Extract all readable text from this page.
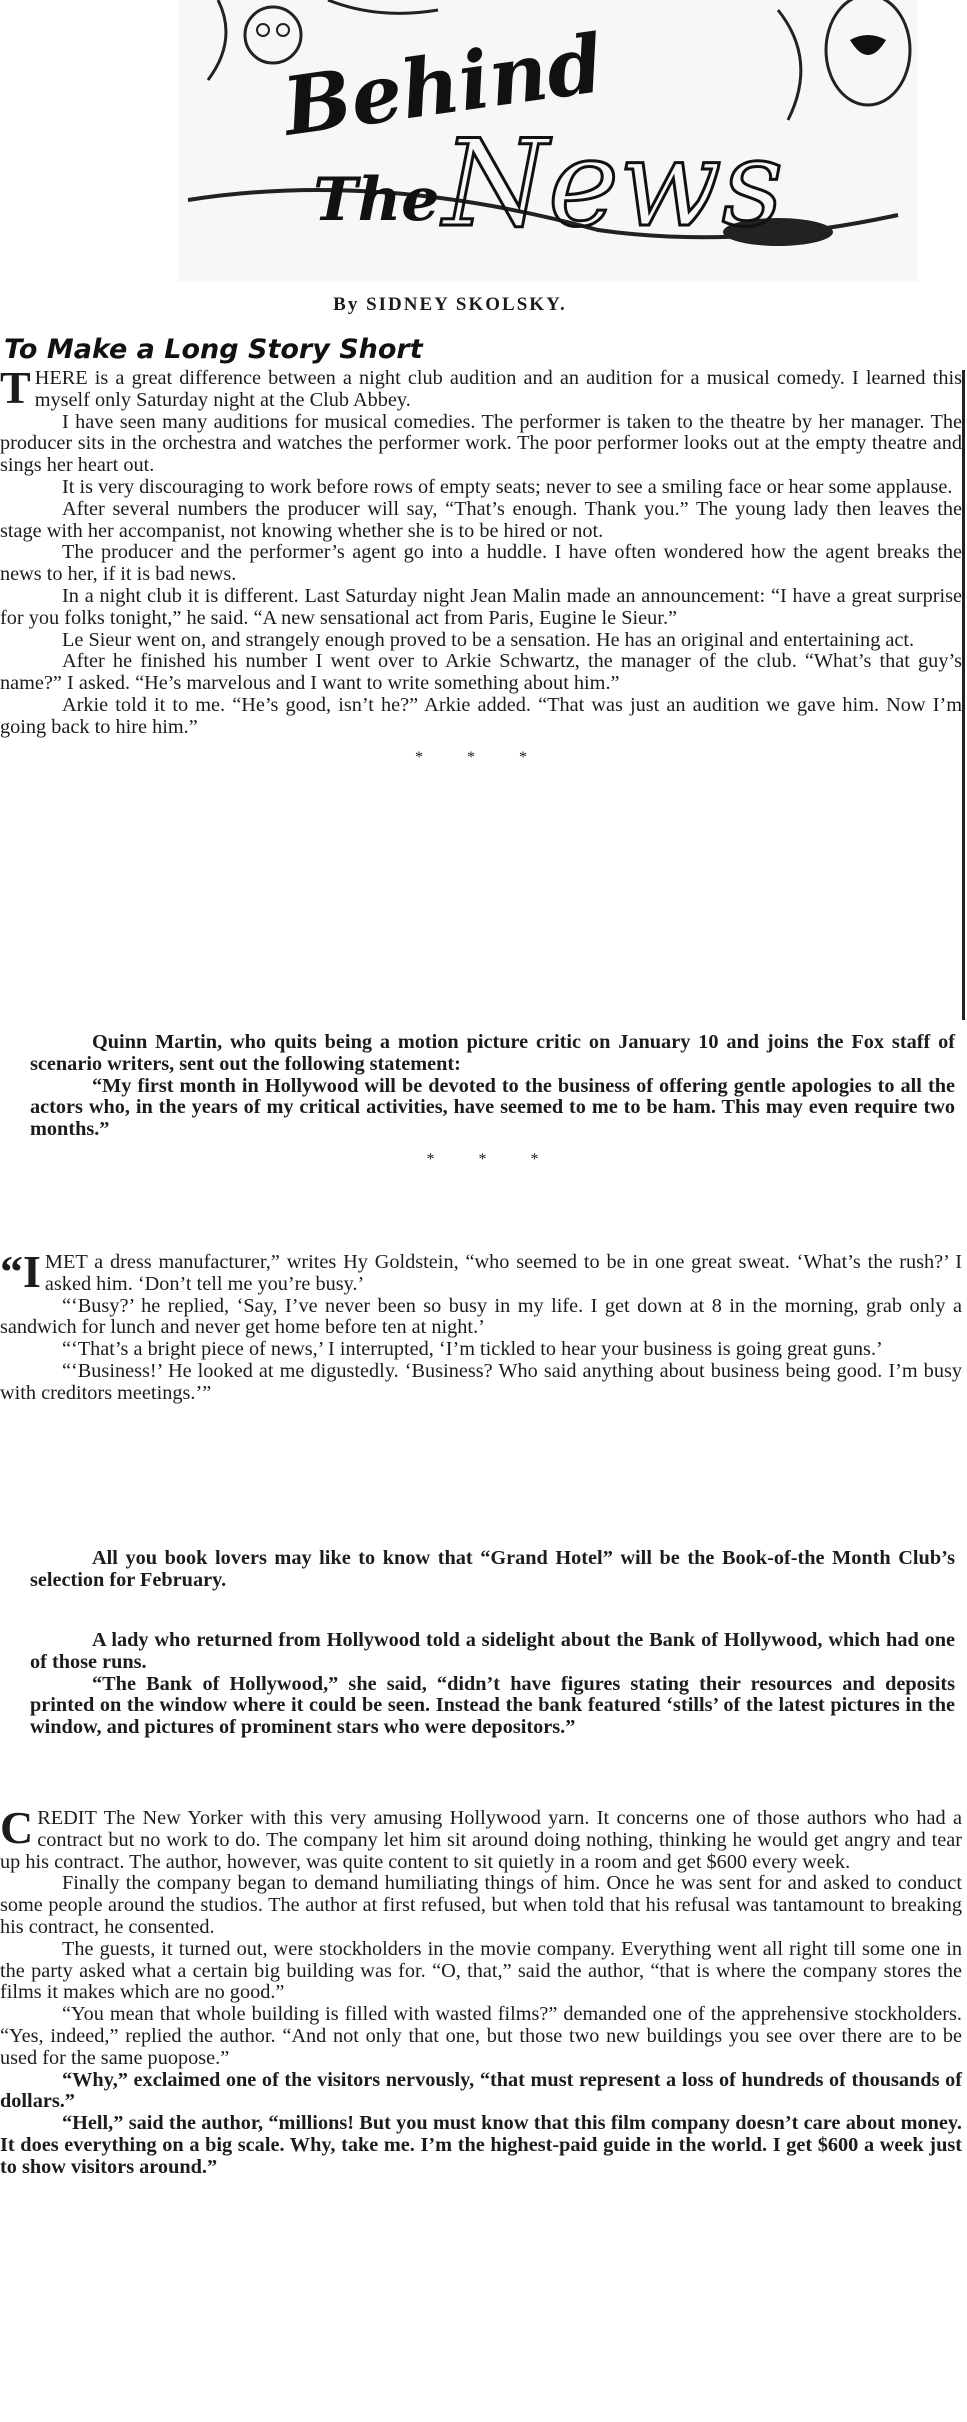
Behind
The News
By SIDNEY SKOLSKY.
To Make a Long Story Short

THERE is a great difference between a night club audition and an audition for a musical comedy. I learned this myself only Saturday night at the Club Abbey.

I have seen many auditions for musical comedies. The performer is taken to the theatre by her manager. The producer sits in the orchestra and watches the performer work. The poor performer looks out at the empty theatre and sings her heart out.

It is very discouraging to work before rows of empty seats; never to see a smiling face or hear some applause.

After several numbers the producer will say, “That’s enough. Thank you.” The young lady then leaves the stage with her accompanist, not knowing whether she is to be hired or not.

The producer and the performer’s agent go into a huddle. I have often wondered how the agent breaks the news to her, if it is bad news.

In a night club it is different. Last Saturday night Jean Malin made an announcement: “I have a great surprise for you folks tonight,” he said. “A new sensational act from Paris, Eugine le Sieur.”

Le Sieur went on, and strangely enough proved to be a sensation. He has an original and entertaining act.

After he finished his number I went over to Arkie Schwartz, the manager of the club. “What’s that guy’s name?” I asked. “He’s marvelous and I want to write something about him.”

Arkie told it to me. “He’s good, isn’t he?” Arkie added. “That was just an audition we gave him. Now I’m going back to hire him.”

* * *

Quinn Martin, who quits being a motion picture critic on January 10 and joins the Fox staff of scenario writers, sent out the following statement:

“My first month in Hollywood will be devoted to the business of offering gentle apologies to all the actors who, in the years of my critical activities, have seemed to me to be ham. This may even require two months.”

* * *

“IMET a dress manufacturer,” writes Hy Goldstein, “who seemed to be in one great sweat. ‘What’s the rush?’ I asked him. ‘Don’t tell me you’re busy.’

“‘Busy?’ he replied, ‘Say, I’ve never been so busy in my life. I get down at 8 in the morning, grab only a sandwich for lunch and never get home before ten at night.’

“‘That’s a bright piece of news,’ I interrupted, ‘I’m tickled to hear your business is going great guns.’

“‘Business!’ He looked at me digustedly. ‘Business? Who said anything about business being good. I’m busy with creditors meetings.’”

All you book lovers may like to know that “Grand Hotel” will be the Book-of-the Month Club’s selection for February.

A lady who returned from Hollywood told a sidelight about the Bank of Hollywood, which had one of those runs.

“The Bank of Hollywood,” she said, “didn’t have figures stating their resources and deposits printed on the window where it could be seen. Instead the bank featured ‘stills’ of the latest pictures in the window, and pictures of prominent stars who were depositors.”

CREDIT The New Yorker with this very amusing Hollywood yarn. It concerns one of those authors who had a contract but no work to do. The company let him sit around doing nothing, thinking he would get angry and tear up his contract. The author, however, was quite content to sit quietly in a room and get $600 every week.

Finally the company began to demand humiliating things of him. Once he was sent for and asked to conduct some people around the studios. The author at first refused, but when told that his refusal was tantamount to breaking his contract, he consented.

The guests, it turned out, were stockholders in the movie company. Everything went all right till some one in the party asked what a certain big building was for. “O, that,” said the author, “that is where the company stores the films it makes which are no good.”

“You mean that whole building is filled with wasted films?” demanded one of the apprehensive stockholders. “Yes, indeed,” replied the author. “And not only that one, but those two new buildings you see over there are to be used for the same puopose.”

“Why,” exclaimed one of the visitors nervously, “that must represent a loss of hundreds of thousands of dollars.”

“Hell,” said the author, “millions! But you must know that this film company doesn’t care about money. It does everything on a big scale. Why, take me. I’m the highest-paid guide in the world. I get $600 a week just to show visitors around.”
